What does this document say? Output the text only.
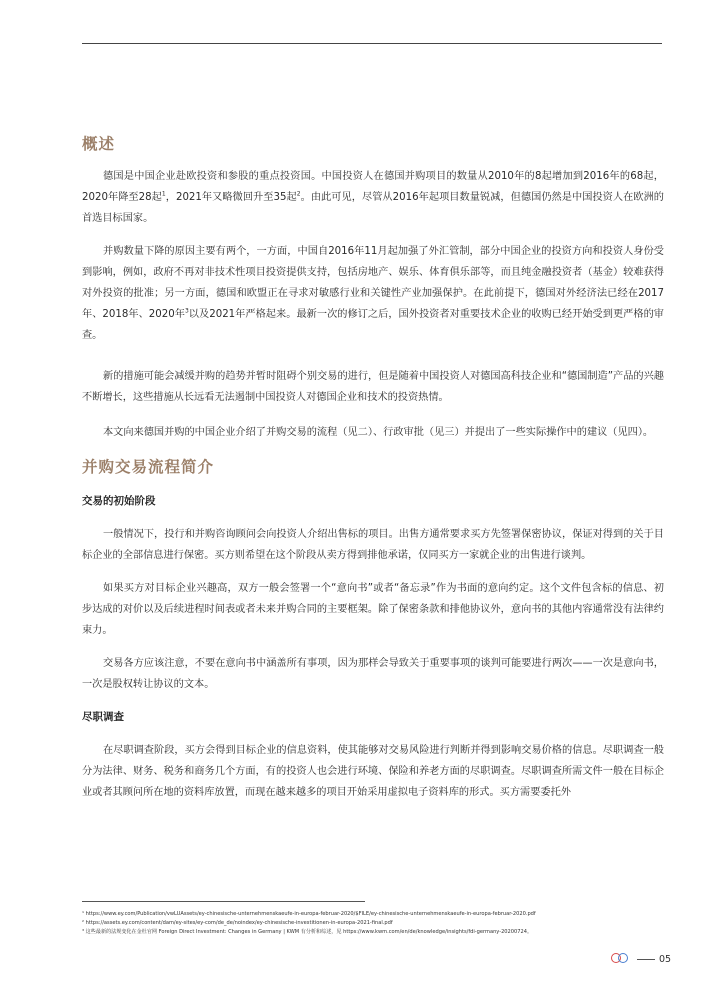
概述

德国是中国企业赴欧投资和参股的重点投资国。中国投资人在德国并购项目的数量从2010年的8起增加到2016年的68起，2020年降至28起$^1$，2021年又略微回升至35起$^2$。由此可见，尽管从2016年起项目数量锐减，但德国仍然是中国投资人在欧洲的首选目标国家。

并购数量下降的原因主要有两个，一方面，中国自2016年11月起加强了外汇管制，部分中国企业的投资方向和投资人身份受到影响，例如，政府不再对非技术性项目投资提供支持，包括房地产、娱乐、体育俱乐部等，而且纯金融投资者（基金）较难获得对外投资的批准；另一方面，德国和欧盟正在寻求对敏感行业和关键性产业加强保护。在此前提下，德国对外经济法已经在2017年、2018年、2020年$^3$以及2021年严格起来。最新一次的修订之后，国外投资者对重要技术企业的收购已经开始受到更严格的审查。

新的措施可能会减缓并购的趋势并暂时阻碍个别交易的进行，但是随着中国投资人对德国高科技企业和“德国制造”产品的兴趣不断增长，这些措施从长远看无法遏制中国投资人对德国企业和技术的投资热情。

本文向来德国并购的中国企业介绍了并购交易的流程（见二）、行政审批（见三）并提出了一些实际操作中的建议（见四）。

并购交易流程简介
交易的初始阶段

一般情况下，投行和并购咨询顾问会向投资人介绍出售标的项目。出售方通常要求买方先签署保密协议，保证对得到的关于目标企业的全部信息进行保密。买方则希望在这个阶段从卖方得到排他承诺，仅同买方一家就企业的出售进行谈判。

如果买方对目标企业兴趣高，双方一般会签署一个“意向书”或者“备忘录”作为书面的意向约定。这个文件包含标的信息、初步达成的对价以及后续进程时间表或者未来并购合同的主要框架。除了保密条款和排他协议外，意向书的其他内容通常没有法律约束力。

交易各方应该注意，不要在意向书中涵盖所有事项，因为那样会导致关于重要事项的谈判可能要进行两次——一次是意向书，一次是股权转让协议的文本。

尽职调查

在尽职调查阶段，买方会得到目标企业的信息资料，使其能够对交易风险进行判断并得到影响交易价格的信息。尽职调查一般分为法律、财务、税务和商务几个方面，有的投资人也会进行环境、保险和养老方面的尽职调查。尽职调查所需文件一般在目标企业或者其顾问所在地的资料库放置，而现在越来越多的项目开始采用虚拟电子资料库的形式。买方需要委托外

¹ https://www.ey.com/Publication/vwLUAssets/ey-chinesische-unternehmenskaeufe-in-europa-februar-2020/$FILE/ey-chinesische-unternehmenskaeufe-in-europa-februar-2020.pdf
² https://assets.ey.com/content/dam/ey-sites/ey-com/de_de/noindex/ey-chinesische-investitionen-in-europa-2021-final.pdf
³ 这些最新的法规变化在金杜官网 Foreign Direct Investment: Changes in Germany | KWM 有分析和综述，见 https://www.kwm.com/en/de/knowledge/insights/fdi-germany-20200724。
05
